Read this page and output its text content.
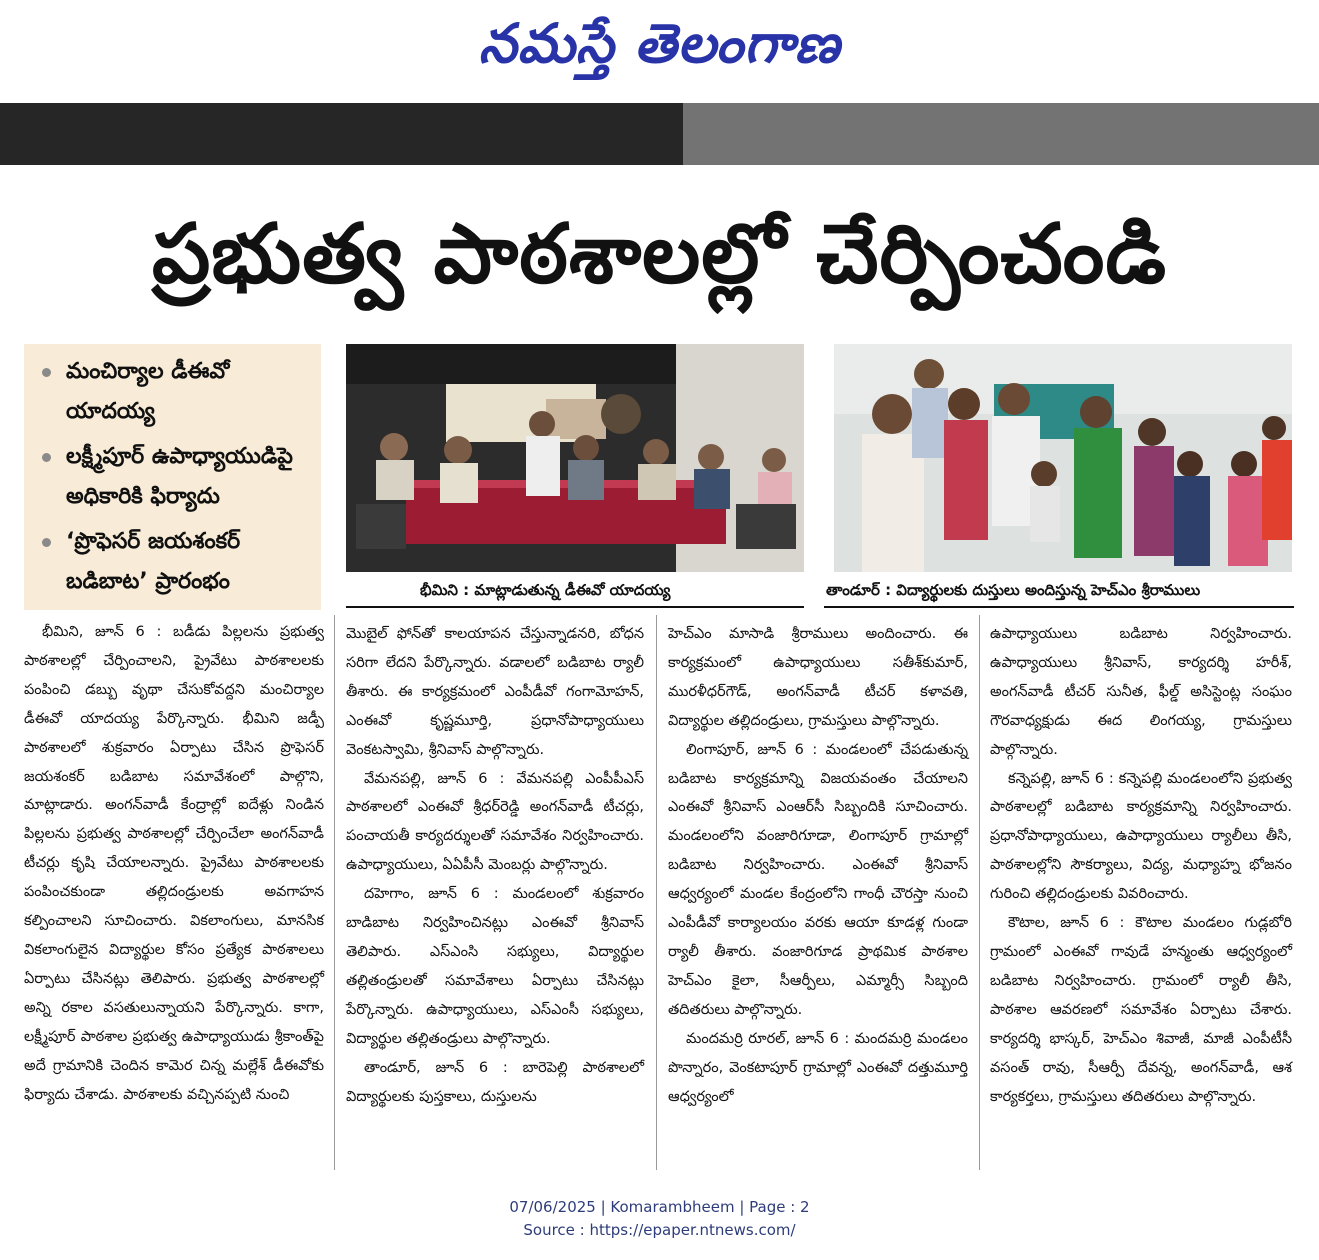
నమస్తే తెలంగాణ
ప్రభుత్వ పాఠశాలల్లో చేర్పించండి
మంచిర్యాల డీఈవో యాదయ్య
లక్ష్మీపూర్ ఉపాధ్యాయుడిపై అధికారికి ఫిర్యాదు
‘ప్రొఫెసర్ జయశంకర్ బడిబాట’ ప్రారంభం	భీమిని : మాట్లాడుతున్న డీఈవో యాదయ్య	తాండూర్ : విద్యార్థులకు దుస్తులు అందిస్తున్న హెచ్‌ఎం శ్రీరాములు

భీమిని, జూన్ 6 : బడీడు పిల్లలను ప్రభుత్వ పాఠశాలల్లో చేర్పించాలని, ప్రైవేటు పాఠశాలలకు పంపించి డబ్బు వృథా చేసుకోవద్దని మంచిర్యాల డీఈవో యాదయ్య పేర్కొన్నారు. భీమిని జడ్పీ పాఠశాలలో శుక్రవారం ఏర్పాటు చేసిన ప్రొఫెసర్ జయశంకర్ బడిబాట సమావేశంలో పాల్గొని, మాట్లాడారు. అంగన్‌వాడీ కేంద్రాల్లో ఐదేళ్లు నిండిన పిల్లలను ప్రభుత్వ పాఠశాలల్లో చేర్పించేలా అంగన్‌వాడీ టీచర్లు కృషి చేయాలన్నారు. ప్రైవేటు పాఠశాలలకు పంపించకుండా తల్లిదండ్రులకు అవగాహన కల్పించాలని సూచించారు. వికలాంగులు, మానసిక వికలాంగులైన విద్యార్థుల కోసం ప్రత్యేక పాఠశాలలు ఏర్పాటు చేసినట్లు తెలిపారు. ప్రభుత్వ పాఠశాలల్లో అన్ని రకాల వసతులున్నాయని పేర్కొన్నారు. కాగా, లక్ష్మీపూర్ పాఠశాల ప్రభుత్వ ఉపాధ్యాయుడు శ్రీకాంత్‌పై అదే గ్రామానికి చెందిన కామెర చిన్న మల్లేశ్ డీఈవోకు ఫిర్యాదు చేశాడు. పాఠశాలకు వచ్చినప్పటి నుంచి

మొబైల్ ఫోన్‌తో కాలయాపన చేస్తున్నాడనరి, బోధన సరిగా లేదని పేర్కొన్నారు. వడాలలో బడిబాట ర్యాలీ తీశారు. ఈ కార్యక్రమంలో ఎంపీడీవో గంగామోహన్, ఎంఈవో కృష్ణమూర్తి, ప్రధానోపాధ్యాయులు వెంకటస్వామి, శ్రీనివాస్ పాల్గొన్నారు.

వేమనపల్లి, జూన్ 6 : వేమనపల్లి ఎంపీపీఎస్ పాఠశాలలో ఎంఈవో శ్రీధర్‌రెడ్డి అంగన్‌వాడీ టీచర్లు, పంచాయతీ కార్యదర్శులతో సమావేశం నిర్వహించారు. ఉపాధ్యాయులు, ఏఏపీసీ మెంబర్లు పాల్గొన్నారు.

దహెగాం, జూన్ 6 : మండలంలో శుక్రవారం బాడిబాట నిర్వహించినట్లు ఎంఈవో శ్రీనివాస్ తెలిపారు. ఎస్‌ఎంసి సభ్యులు, విద్యార్థుల తల్లితండ్రులతో సమావేశాలు ఏర్పాటు చేసినట్లు పేర్కొన్నారు. ఉపాధ్యాయులు, ఎస్‌ఎంసీ సభ్యులు, విద్యార్థుల తల్లితండ్రులు పాల్గొన్నారు.

తాండూర్, జూన్ 6 : బారెపెల్లి పాఠశాలలో విద్యార్థులకు పుస్తకాలు, దుస్తులను

హెచ్‌ఎం మాసాడి శ్రీరాములు అందించారు. ఈ కార్యక్రమంలో ఉపాధ్యాయులు సతీశ్‌కుమార్, మురళీధర్‌గౌడ్, అంగన్‌వాడీ టీచర్ కళావతి, విద్యార్థుల తల్లిదండ్రులు, గ్రామస్తులు పాల్గొన్నారు.

లింగాపూర్, జూన్ 6 : మండలంలో చేపడుతున్న బడిబాట కార్యక్రమాన్ని విజయవంతం చేయాలని ఎంఈవో శ్రీనివాస్ ఎంఆర్‌సీ సిబ్బందికి సూచించారు. మండలంలోని వంజారిగూడా, లింగాపూర్ గ్రామాల్లో బడిబాట నిర్వహించారు. ఎంఈవో శ్రీనివాస్ ఆధ్వర్యంలో మండల కేంద్రంలోని గాంధీ చౌరస్తా నుంచి ఎంపీడీవో కార్యాలయం వరకు ఆయా కూడళ్ల గుండా ర్యాలీ తీశారు. వంజారిగూడ ప్రాథమిక పాఠశాల హెచ్‌ఎం కైలా, సీఆర్పీలు, ఎమ్మార్సీ సిబ్బంది తదితరులు పాల్గొన్నారు.

మందమర్రి రూరల్, జూన్ 6 : మందమర్రి మండలం పొన్నారం, వెంకటాపూర్ గ్రామాల్లో ఎంఈవో దత్తుమూర్తి ఆధ్వర్యంలో

ఉపాధ్యాయులు బడిబాట నిర్వహించారు. ఉపాధ్యాయులు శ్రీనివాస్, కార్యదర్శి హరీశ్, అంగన్‌వాడీ టీచర్ సునీత, ఫీల్డ్ అసిస్టెంట్ల సంఘం గౌరవాధ్యక్షుడు ఈద లింగయ్య, గ్రామస్తులు పాల్గొన్నారు.

కన్నెపల్లి, జూన్ 6 : కన్నెపల్లి మండలంలోని ప్రభుత్వ పాఠశాలల్లో బడిబాట కార్యక్రమాన్ని నిర్వహించారు. ప్రధానోపాధ్యాయులు, ఉపాధ్యాయులు ర్యాలీలు తీసి, పాఠశాలల్లోని సౌకర్యాలు, విద్య, మధ్యాహ్న భోజనం గురించి తల్లిదండ్రులకు వివరించారు.

కౌటాల, జూన్ 6 : కౌటాల మండలం గుడ్లబోరి గ్రామంలో ఎంఈవో గావుడే హన్మంతు ఆధ్వర్యంలో బడిబాట నిర్వహించారు. గ్రామంలో ర్యాలీ తీసి, పాఠశాల ఆవరణలో సమావేశం ఏర్పాటు చేశారు. కార్యదర్శి భాస్కర్, హెచ్‌ఎం శివాజీ, మాజీ ఎంపీటీసీ వసంత్ రావు, సీఆర్పీ దేవన్న, అంగన్‌వాడీ, ఆశ కార్యకర్తలు, గ్రామస్తులు తదితరులు పాల్గొన్నారు.

07/06/2025 | Komarambheem | Page : 2
Source : https://epaper.ntnews.com/
